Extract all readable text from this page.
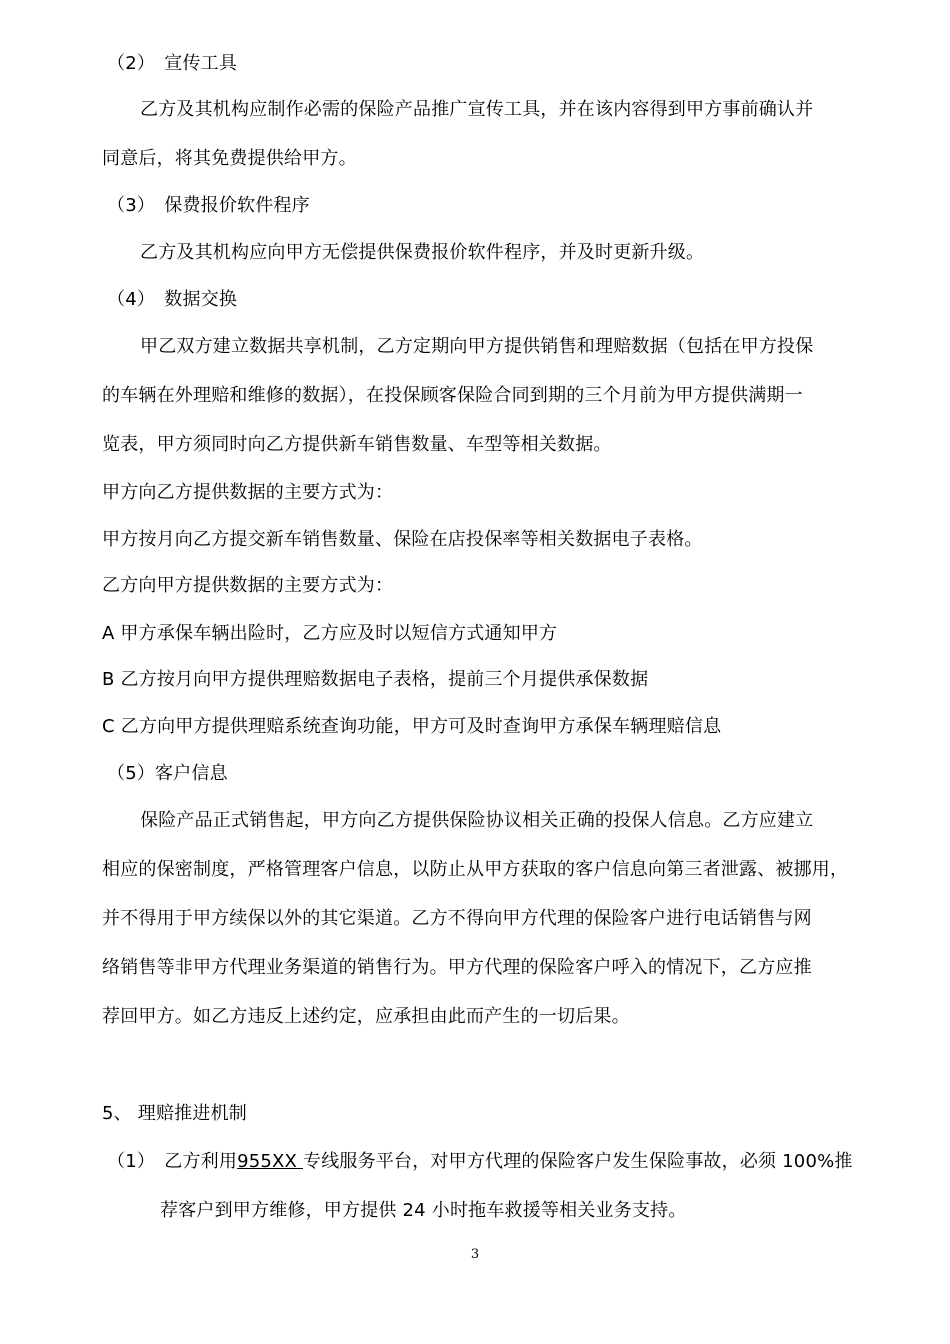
（2）　宣传工具
乙方及其机构应制作必需的保险产品推广宣传工具，并在该内容得到甲方事前确认并
同意后，将其免费提供给甲方。
（3）　保费报价软件程序
乙方及其机构应向甲方无偿提供保费报价软件程序，并及时更新升级。
（4）　数据交换
甲乙双方建立数据共享机制，乙方定期向甲方提供销售和理赔数据（包括在甲方投保
的车辆在外理赔和维修的数据），在投保顾客保险合同到期的三个月前为甲方提供满期一
览表，甲方须同时向乙方提供新车销售数量、车型等相关数据。
甲方向乙方提供数据的主要方式为：
甲方按月向乙方提交新车销售数量、保险在店投保率等相关数据电子表格。
乙方向甲方提供数据的主要方式为：
A 甲方承保车辆出险时，乙方应及时以短信方式通知甲方
B 乙方按月向甲方提供理赔数据电子表格，提前三个月提供承保数据
C 乙方向甲方提供理赔系统查询功能，甲方可及时查询甲方承保车辆理赔信息
（5）客户信息
保险产品正式销售起，甲方向乙方提供保险协议相关正确的投保人信息。乙方应建立
相应的保密制度，严格管理客户信息，以防止从甲方获取的客户信息向第三者泄露、被挪用，
并不得用于甲方续保以外的其它渠道。乙方不得向甲方代理的保险客户进行电话销售与网
络销售等非甲方代理业务渠道的销售行为。甲方代理的保险客户呼入的情况下，乙方应推
荐回甲方。如乙方违反上述约定，应承担由此而产生的一切后果。
5、 理赔推进机制
（1）　乙方利用955XX 专线服务平台，对甲方代理的保险客户发生保险事故，必须 100%推
荐客户到甲方维修，甲方提供 24 小时拖车救援等相关业务支持。
3
